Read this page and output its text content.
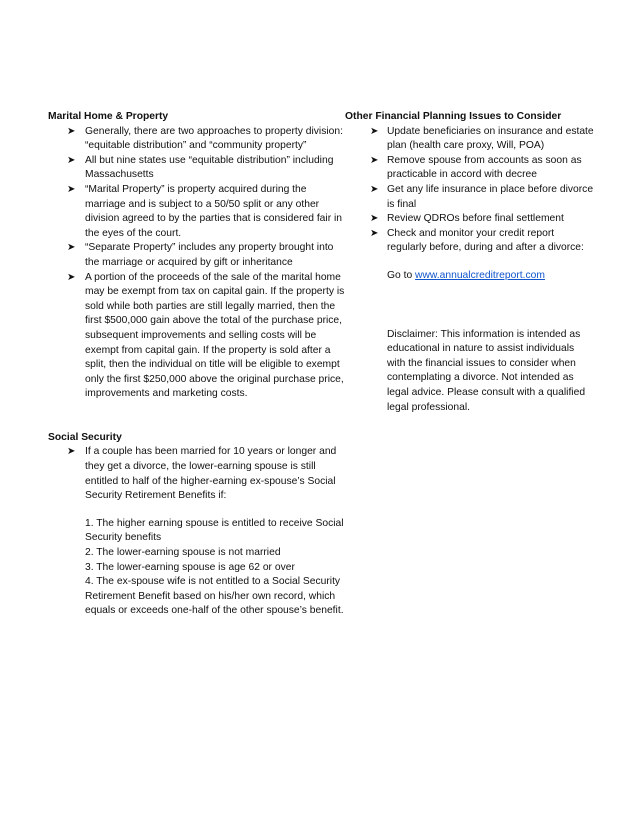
Marital Home & Property

➤ Generally, there are two approaches to property division: “equitable distribution” and “community property”
➤ All but nine states use “equitable distribution” including Massachusetts
➤ “Marital Property” is property acquired during the marriage and is subject to a 50/50 split or any other division agreed to by the parties that is considered fair in the eyes of the court.
➤ “Separate Property” includes any property brought into the marriage or acquired by gift or inheritance
➤ A portion of the proceeds of the sale of the marital home may be exempt from tax on capital gain. If the property is sold while both parties are still legally married, then the first $500,000 gain above the total of the purchase price, subsequent improvements and selling costs will be exempt from capital gain. If the property is sold after a split, then the individual on title will be eligible to exempt only the first $250,000 above the original purchase price, improvements and marketing costs.

Social Security

➤ If a couple has been married for 10 years or longer and they get a divorce, the lower-earning spouse is still entitled to half of the higher-earning ex-spouse’s Social Security Retirement Benefits if:

1. The higher earning spouse is entitled to receive Social Security benefits

2. The lower-earning spouse is not married

3. The lower-earning spouse is age 62 or over

4. The ex-spouse wife is not entitled to a Social Security Retirement Benefit based on his/her own record, which equals or exceeds one-half of the other spouse’s benefit.

Other Financial Planning Issues to Consider

➤ Update beneficiaries on insurance and estate plan (health care proxy, Will, POA)
➤ Remove spouse from accounts as soon as practicable in accord with decree
➤ Get any life insurance in place before divorce is final
➤ Review QDROs before final settlement
➤ Check and monitor your credit report regularly before, during and after a divorce:

Go to www.annualcreditreport.com

Disclaimer: This information is intended as educational in nature to assist individuals with the financial issues to consider when contemplating a divorce. Not intended as legal advice. Please consult with a qualified legal professional.
